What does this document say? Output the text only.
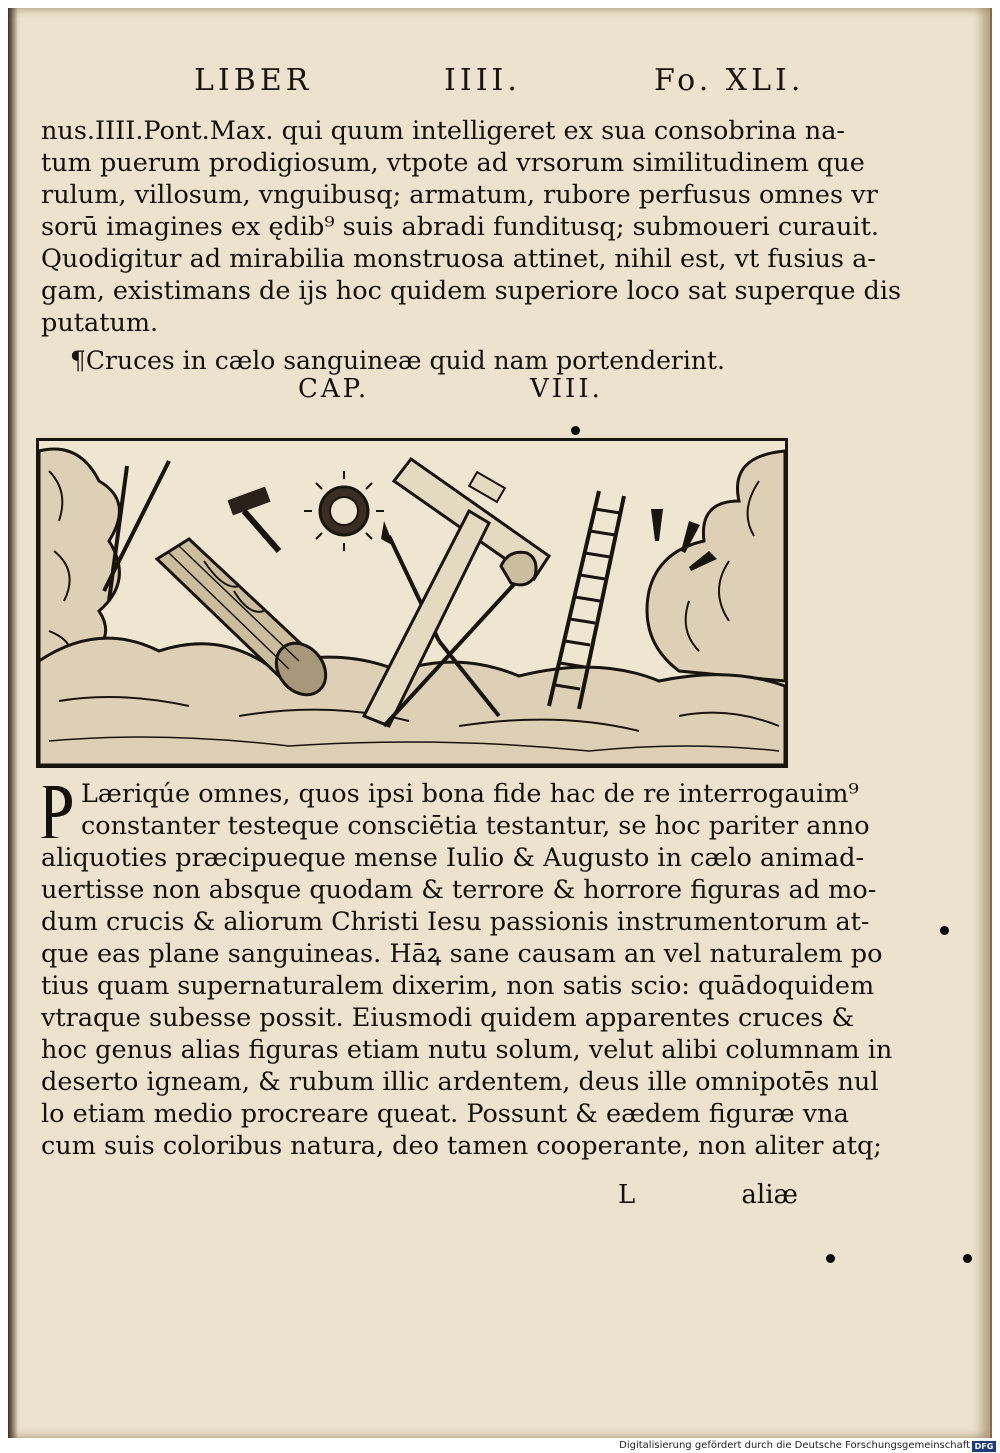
LIBER	IIII.	Fo. XLI.
nus.IIII.Pont.Max. qui quum intelligeret ex sua consobrina na-
tum puerum prodigiosum, vtpote ad vrsorum similitudinem que
rulum, villosum, vnguibusq; armatum, rubore perfusus omnes vr
sorū imagines ex ędib⁹ suis abradi funditusq; submoueri curauit.
Quodigitur ad mirabilia monstruosa attinet, nihil est, vt fusius a-
gam, existimans de ijs hoc quidem superiore loco sat superque dis
putatum.
¶Cruces in cælo sanguineæ quid nam portenderint.
CAP.	VIII.
Læriqúe omnes, quos ipsi bona fide hac de re interrogauim⁹
constanter testeque consciētia testantur, se hoc pariter anno
aliquoties præcipueque mense Iulio & Augusto in cælo animad-
uertisse non absque quodam & terrore & horrore figuras ad mo-
dum crucis & aliorum Christi Iesu passionis instrumentorum at-
que eas plane sanguineas. Hāꝝ sane causam an vel naturalem po
tius quam supernaturalem dixerim, non satis scio: quādoquidem
vtraque subesse possit. Eiusmodi quidem apparentes cruces &
hoc genus alias figuras etiam nutu solum, velut alibi columnam in
deserto igneam, & rubum illic ardentem, deus ille omnipotēs nul
lo etiam medio procreare queat. Possunt & eædem figuræ vna
cum suis coloribus natura, deo tamen cooperante, non aliter atq;
L	aliæ
Digitalisierung gefördert durch die Deutsche Forschungsgemeinschaft DFG
